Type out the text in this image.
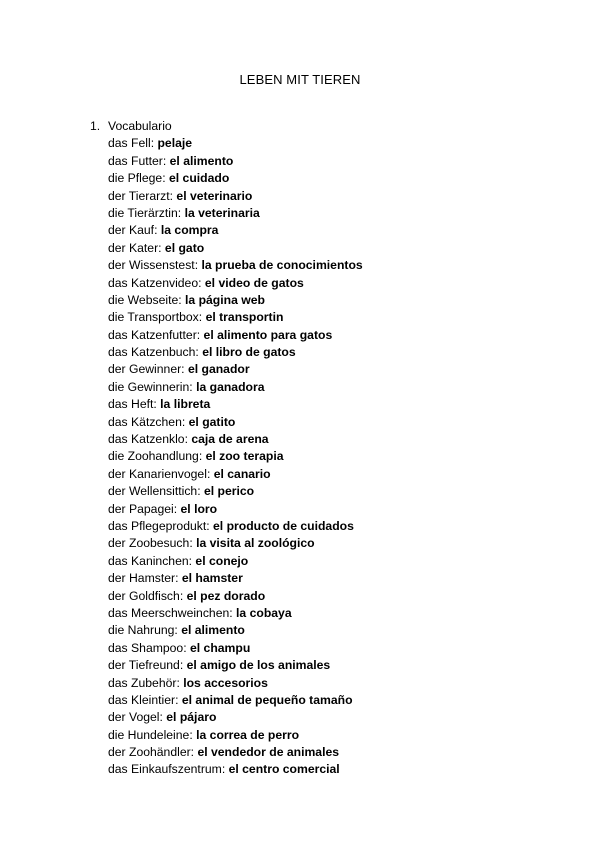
LEBEN MIT TIEREN
1. Vocabulario
das Fell: pelaje
das Futter: el alimento
die Pflege: el cuidado
der Tierarzt: el veterinario
die Tierärztin: la veterinaria
der Kauf: la compra
der Kater: el gato
der Wissenstest: la prueba de conocimientos
das Katzenvideo: el video de gatos
die Webseite: la página web
die Transportbox: el transportin
das Katzenfutter: el alimento para gatos
das Katzenbuch: el libro de gatos
der Gewinner: el ganador
die Gewinnerin: la ganadora
das Heft: la libreta
das Kätzchen: el gatito
das Katzenklo: caja de arena
die Zoohandlung: el zoo terapia
der Kanarienvogel: el canario
der Wellensittich: el perico
der Papagei: el loro
das Pflegeprodukt: el producto de cuidados
der Zoobesuch: la visita al zoológico
das Kaninchen: el conejo
der Hamster: el hamster
der Goldfisch: el pez dorado
das Meerschweinchen: la cobaya
die Nahrung: el alimento
das Shampoo: el champu
der Tiefreund: el amigo de los animales
das Zubehör: los accesorios
das Kleintier: el animal de pequeño tamaño
der Vogel: el pájaro
die Hundeleine: la correa de perro
der Zoohändler: el vendedor de animales
das Einkaufszentrum: el centro comercial
